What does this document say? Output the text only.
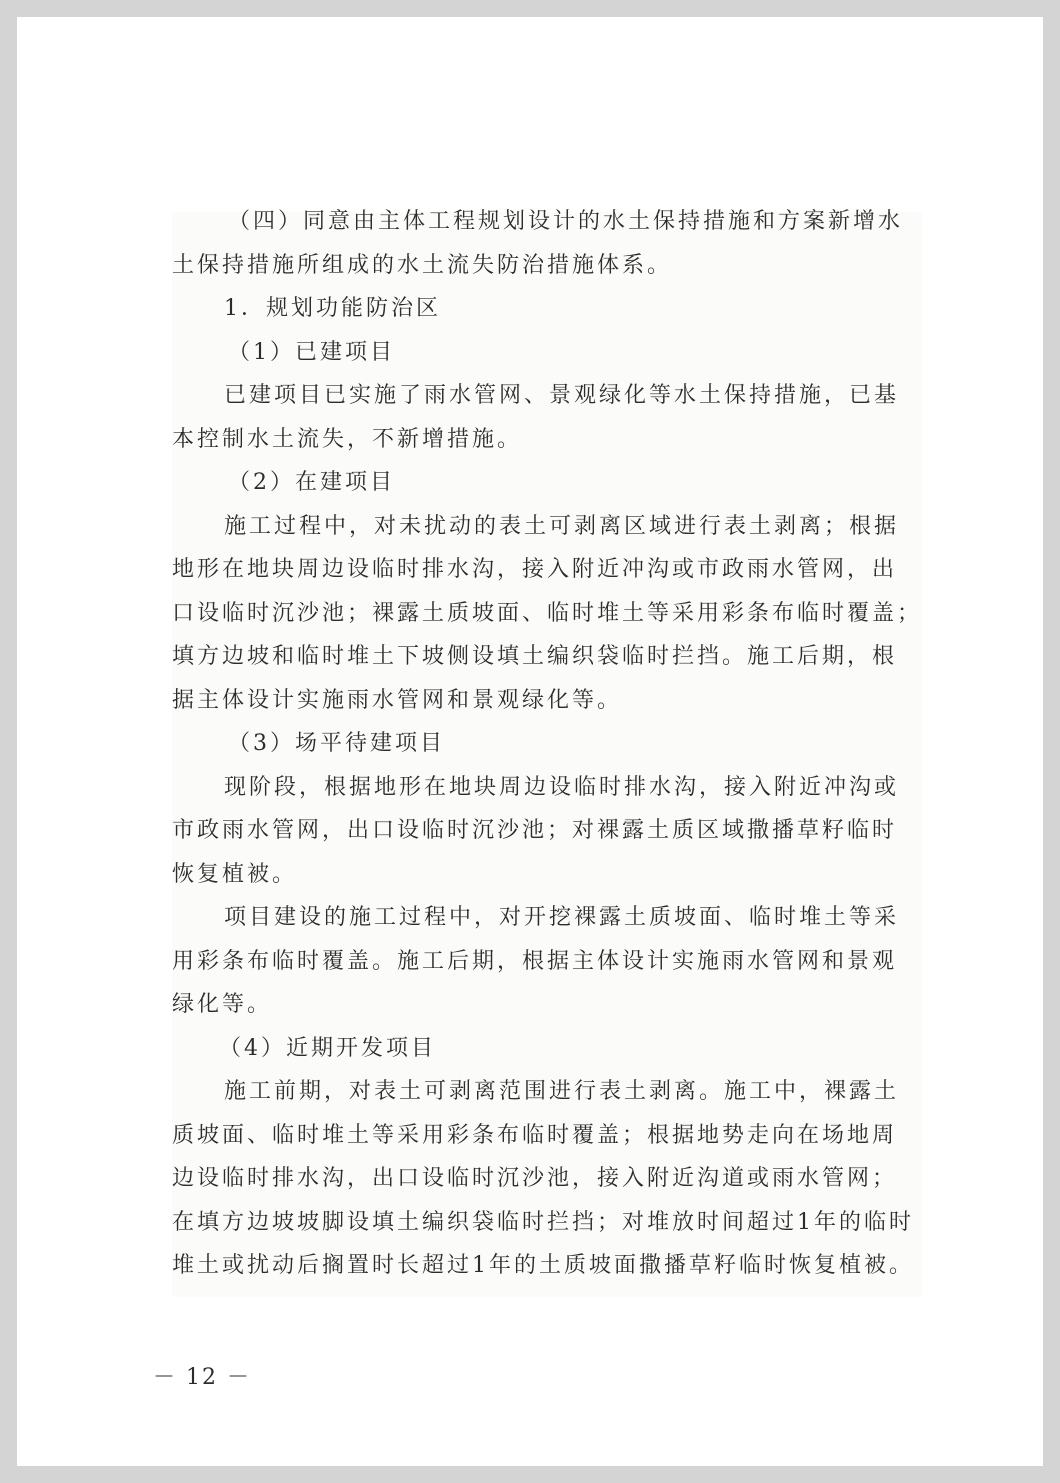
（四）同意由主体工程规划设计的水土保持措施和方案新增水
土保持措施所组成的水土流失防治措施体系。
1．规划功能防治区
（1）已建项目
已建项目已实施了雨水管网、景观绿化等水土保持措施，已基
本控制水土流失，不新增措施。
（2）在建项目
施工过程中，对未扰动的表土可剥离区域进行表土剥离；根据
地形在地块周边设临时排水沟，接入附近冲沟或市政雨水管网，出
口设临时沉沙池；裸露土质坡面、临时堆土等采用彩条布临时覆盖；
填方边坡和临时堆土下坡侧设填土编织袋临时拦挡。施工后期，根
据主体设计实施雨水管网和景观绿化等。
（3）场平待建项目
现阶段，根据地形在地块周边设临时排水沟，接入附近冲沟或
市政雨水管网，出口设临时沉沙池；对裸露土质区域撒播草籽临时
恢复植被。
项目建设的施工过程中，对开挖裸露土质坡面、临时堆土等采
用彩条布临时覆盖。施工后期，根据主体设计实施雨水管网和景观
绿化等。
（4）近期开发项目
施工前期，对表土可剥离范围进行表土剥离。施工中，裸露土
质坡面、临时堆土等采用彩条布临时覆盖；根据地势走向在场地周
边设临时排水沟，出口设临时沉沙池，接入附近沟道或雨水管网；
在填方边坡坡脚设填土编织袋临时拦挡；对堆放时间超过1年的临时
堆土或扰动后搁置时长超过1年的土质坡面撒播草籽临时恢复植被。
－ 12 －
